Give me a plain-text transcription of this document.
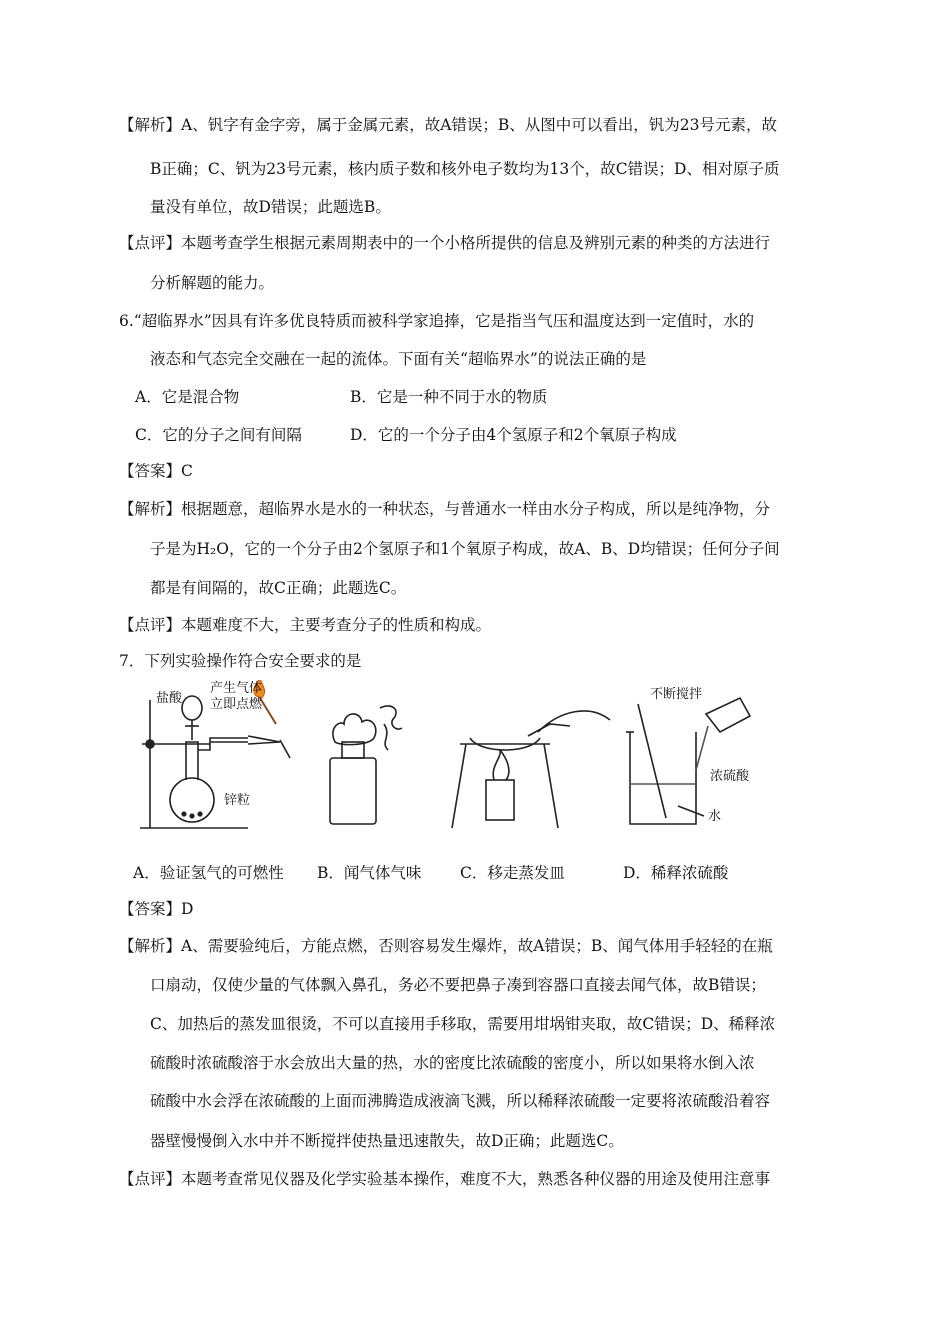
【解析】A、钒字有金字旁，属于金属元素，故A错误；B、从图中可以看出，钒为23号元素，故
B正确；C、钒为23号元素，核内质子数和核外电子数均为13个，故C错误；D、相对原子质
量没有单位，故D错误；此题选B。
【点评】本题考查学生根据元素周期表中的一个小格所提供的信息及辨别元素的种类的方法进行
分析解题的能力。
6.“超临界水”因具有许多优良特质而被科学家追捧，它是指当气压和温度达到一定值时，水的
液态和气态完全交融在一起的流体。下面有关“超临界水”的说法正确的是
A．它是混合物	B．它是一种不同于水的物质
C．它的分子之间有间隔	D．它的一个分子由4个氢原子和2个氧原子构成
【答案】C
【解析】根据题意，超临界水是水的一种状态，与普通水一样由水分子构成，所以是纯净物，分
子是为H₂O，它的一个分子由2个氢原子和1个氧原子构成，故A、B、D均错误；任何分子间
都是有间隔的，故C正确；此题选C。
【点评】本题难度不大，主要考查分子的性质和构成。
7．下列实验操作符合安全要求的是
盐酸
产生气体
立即点燃
锌粒
不断搅拌
浓硫酸
水
A．验证氢气的可燃性 B．闻气体气味 C．移走蒸发皿	D．稀释浓硫酸
【答案】D
【解析】A、需要验纯后，方能点燃，否则容易发生爆炸，故A错误；B、闻气体用手轻轻的在瓶
口扇动，仅使少量的气体飘入鼻孔，务必不要把鼻子凑到容器口直接去闻气体，故B错误；
C、加热后的蒸发皿很烫，不可以直接用手移取，需要用坩埚钳夹取，故C错误；D、稀释浓
硫酸时浓硫酸溶于水会放出大量的热，水的密度比浓硫酸的密度小，所以如果将水倒入浓
硫酸中水会浮在浓硫酸的上面而沸腾造成液滴飞溅，所以稀释浓硫酸一定要将浓硫酸沿着容
器壁慢慢倒入水中并不断搅拌使热量迅速散失，故D正确；此题选C。
【点评】本题考查常见仪器及化学实验基本操作，难度不大，熟悉各种仪器的用途及使用注意事
